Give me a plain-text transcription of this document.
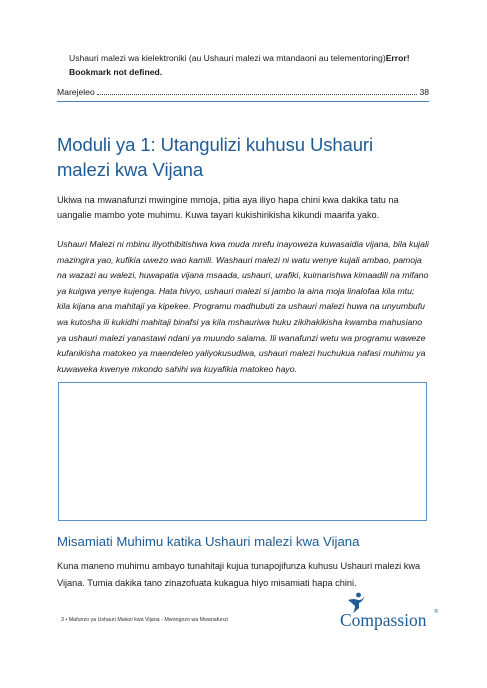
Ushauri malezi wa kielektroniki (au Ushauri malezi wa mtandaoni au telementoring)Error! Bookmark not defined.
Marejeleo	38
Moduli ya 1: Utangulizi kuhusu Ushauri malezi kwa Vijana
Ukiwa na mwanafunzi mwingine mmoja, pitia aya iliyo hapa chini kwa dakika tatu na uangalie mambo yote muhimu. Kuwa tayari kukishirikisha kikundi maarifa yako.
Ushauri Malezi ni mbinu iliyothibitishwa kwa muda mrefu inayoweza kuwasaidia vijana, bila kujali mazingira yao, kufikia uwezo wao kamili. Washauri malezi ni watu wenye kujali ambao, pamoja na wazazi au walezi, huwapatia vijana msaada, ushauri, urafiki, kuimarishwa kimaadili na mifano ya kuigwa yenye kujenga. Hata hivyo, ushauri malezi si jambo la aina moja linalofaa kila mtu; kila kijana ana mahitaji ya kipekee. Programu madhubuti za ushauri malezi huwa na unyumbufu wa kutosha ili kukidhi mahitaji binafsi ya kila mshauriwa huku zikihakikisha kwamba mahusiano ya ushauri malezi yanastawi ndani ya muundo salama. Ili wanafunzi wetu wa programu waweze kufanikisha matokeo ya maendeleo yaliyokusudiwa, ushauri malezi huchukua nafasi muhimu ya kuwaweka kwenye mkondo sahihi wa kuyafikia matokeo hayo.
Misamiati Muhimu katika Ushauri malezi kwa Vijana
Kuna maneno muhimu ambayo tunahitaji kujua tunapojifunza kuhusu Ushauri malezi kwa Vijana. Tumia dakika tano zinazofuata kukagua hiyo misamiati hapa chini.
3 • Mafunzo ya Ushauri Malezi kwa Vijana - Mwongozo wa Mwanafunzi	Compassion ®
